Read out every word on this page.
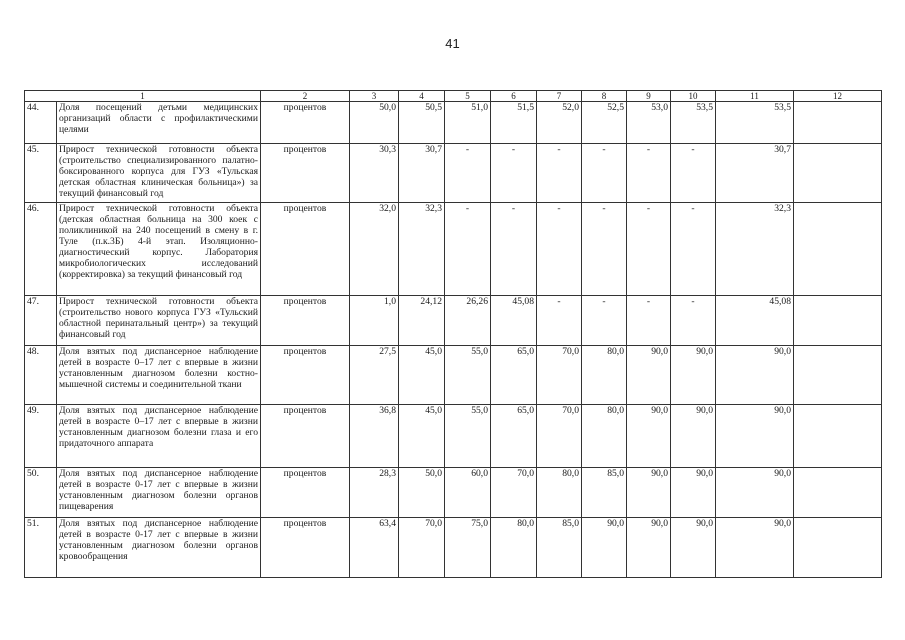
41
1		2	3	4	5	6	7	8	9	10	11	12
44.	Доля посещений детьми медицинских организаций области с профилактическими целями	процентов	50,0	50,5	51,0	51,5	52,0	52,5	53,0	53,5	53,5	
45.	Прирост технической готовности объекта (строительство специализированного палатно-боксированного корпуса для ГУЗ «Тульская детская областная клиническая больница») за текущий финансовый год	процентов	30,3	30,7	-	-	-	-	-	-	30,7	
46.	Прирост технической готовности объекта (детская областная больница на 300 коек с поликлиникой на 240 посещений в смену в г. Туле (п.к.3Б) 4-й этап. Изоляционно-диагностический корпус. Лаборатория микробиологических исследований (корректировка) за текущий финансовый год	процентов	32,0	32,3	-	-	-	-	-	-	32,3	
47.	Прирост технической готовности объекта (строительство нового корпуса ГУЗ «Тульский областной перинатальный центр») за текущий финансовый год	процентов	1,0	24,12	26,26	45,08	-	-	-	-	45,08	
48.	Доля взятых под диспансерное наблюдение детей в возрасте 0–17 лет с впервые в жизни установленным диагнозом болезни костно-мышечной системы и соединительной ткани	процентов	27,5	45,0	55,0	65,0	70,0	80,0	90,0	90,0	90,0	
49.	Доля взятых под диспансерное наблюдение детей в возрасте 0–17 лет с впервые в жизни установленным диагнозом болезни глаза и его придаточного аппарата	процентов	36,8	45,0	55,0	65,0	70,0	80,0	90,0	90,0	90,0	
50.	Доля взятых под диспансерное наблюдение детей в возрасте 0-17 лет с впервые в жизни установленным диагнозом болезни органов пищеварения	процентов	28,3	50,0	60,0	70,0	80,0	85,0	90,0	90,0	90,0	
51.	Доля взятых под диспансерное наблюдение детей в возрасте 0-17 лет с впервые в жизни установленным диагнозом болезни органов кровообращения	процентов	63,4	70,0	75,0	80,0	85,0	90,0	90,0	90,0	90,0	
